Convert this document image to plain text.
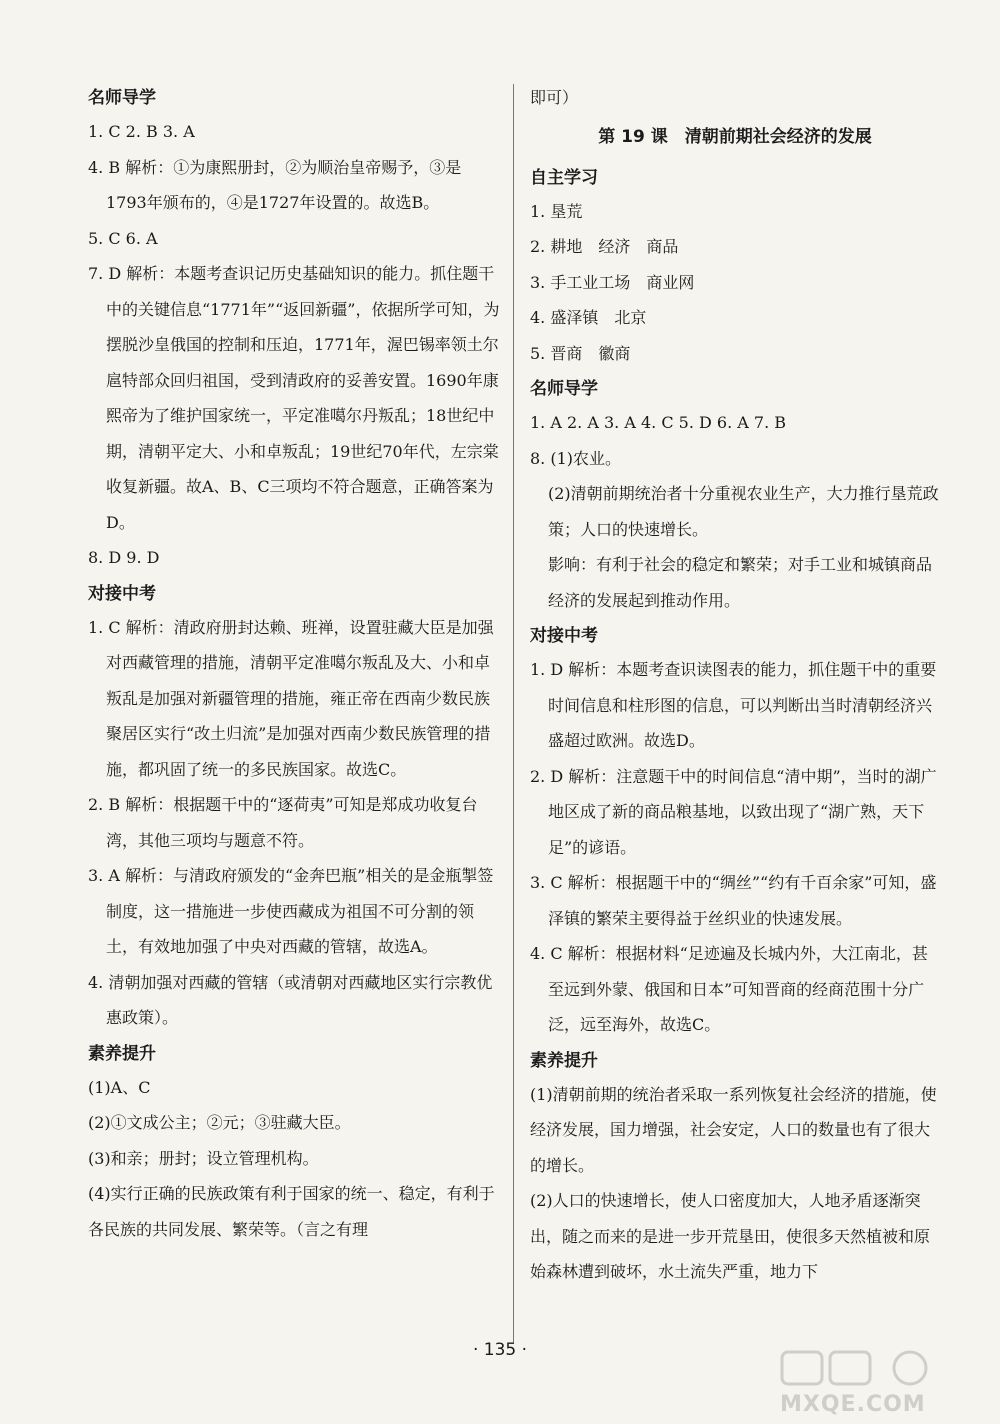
名师导学

1. C 2. B 3. A

4. B 解析：①为康熙册封，②为顺治皇帝赐予，③是1793年颁布的，④是1727年设置的。故选B。

5. C 6. A

7. D 解析：本题考查识记历史基础知识的能力。抓住题干中的关键信息“1771年”“返回新疆”，依据所学可知，为摆脱沙皇俄国的控制和压迫，1771年，渥巴锡率领土尔扈特部众回归祖国，受到清政府的妥善安置。1690年康熙帝为了维护国家统一，平定准噶尔丹叛乱；18世纪中期，清朝平定大、小和卓叛乱；19世纪70年代，左宗棠收复新疆。故A、B、C三项均不符合题意，正确答案为D。

8. D 9. D

对接中考

1. C 解析：清政府册封达赖、班禅，设置驻藏大臣是加强对西藏管理的措施，清朝平定准噶尔叛乱及大、小和卓叛乱是加强对新疆管理的措施，雍正帝在西南少数民族聚居区实行“改土归流”是加强对西南少数民族管理的措施，都巩固了统一的多民族国家。故选C。

2. B 解析：根据题干中的“逐荷夷”可知是郑成功收复台湾，其他三项均与题意不符。

3. A 解析：与清政府颁发的“金奔巴瓶”相关的是金瓶掣签制度，这一措施进一步使西藏成为祖国不可分割的领土，有效地加强了中央对西藏的管辖，故选A。

4. 清朝加强对西藏的管辖（或清朝对西藏地区实行宗教优惠政策）。

素养提升

(1)A、C

(2)①文成公主；②元；③驻藏大臣。

(3)和亲；册封；设立管理机构。

(4)实行正确的民族政策有利于国家的统一、稳定，有利于各民族的共同发展、繁荣等。（言之有理

即可）

第 19 课　清朝前期社会经济的发展
自主学习

1. 垦荒

2. 耕地　经济　商品

3. 手工业工场　商业网

4. 盛泽镇　北京

5. 晋商　徽商

名师导学

1. A 2. A 3. A 4. C 5. D 6. A 7. B

8. (1)农业。

(2)清朝前期统治者十分重视农业生产，大力推行垦荒政策；人口的快速增长。

影响：有利于社会的稳定和繁荣；对手工业和城镇商品经济的发展起到推动作用。

对接中考

1. D 解析：本题考查识读图表的能力，抓住题干中的重要时间信息和柱形图的信息，可以判断出当时清朝经济兴盛超过欧洲。故选D。

2. D 解析：注意题干中的时间信息“清中期”，当时的湖广地区成了新的商品粮基地，以致出现了“湖广熟，天下足”的谚语。

3. C 解析：根据题干中的“绸丝”“约有千百余家”可知，盛泽镇的繁荣主要得益于丝织业的快速发展。

4. C 解析：根据材料“足迹遍及长城内外，大江南北，甚至远到外蒙、俄国和日本”可知晋商的经商范围十分广泛，远至海外，故选C。

素养提升

(1)清朝前期的统治者采取一系列恢复社会经济的措施，使经济发展，国力增强，社会安定，人口的数量也有了很大的增长。

(2)人口的快速增长，使人口密度加大，人地矛盾逐渐突出，随之而来的是进一步开荒垦田，使很多天然植被和原始森林遭到破坏，水土流失严重，地力下

· 135 ·
MXQE.COM
